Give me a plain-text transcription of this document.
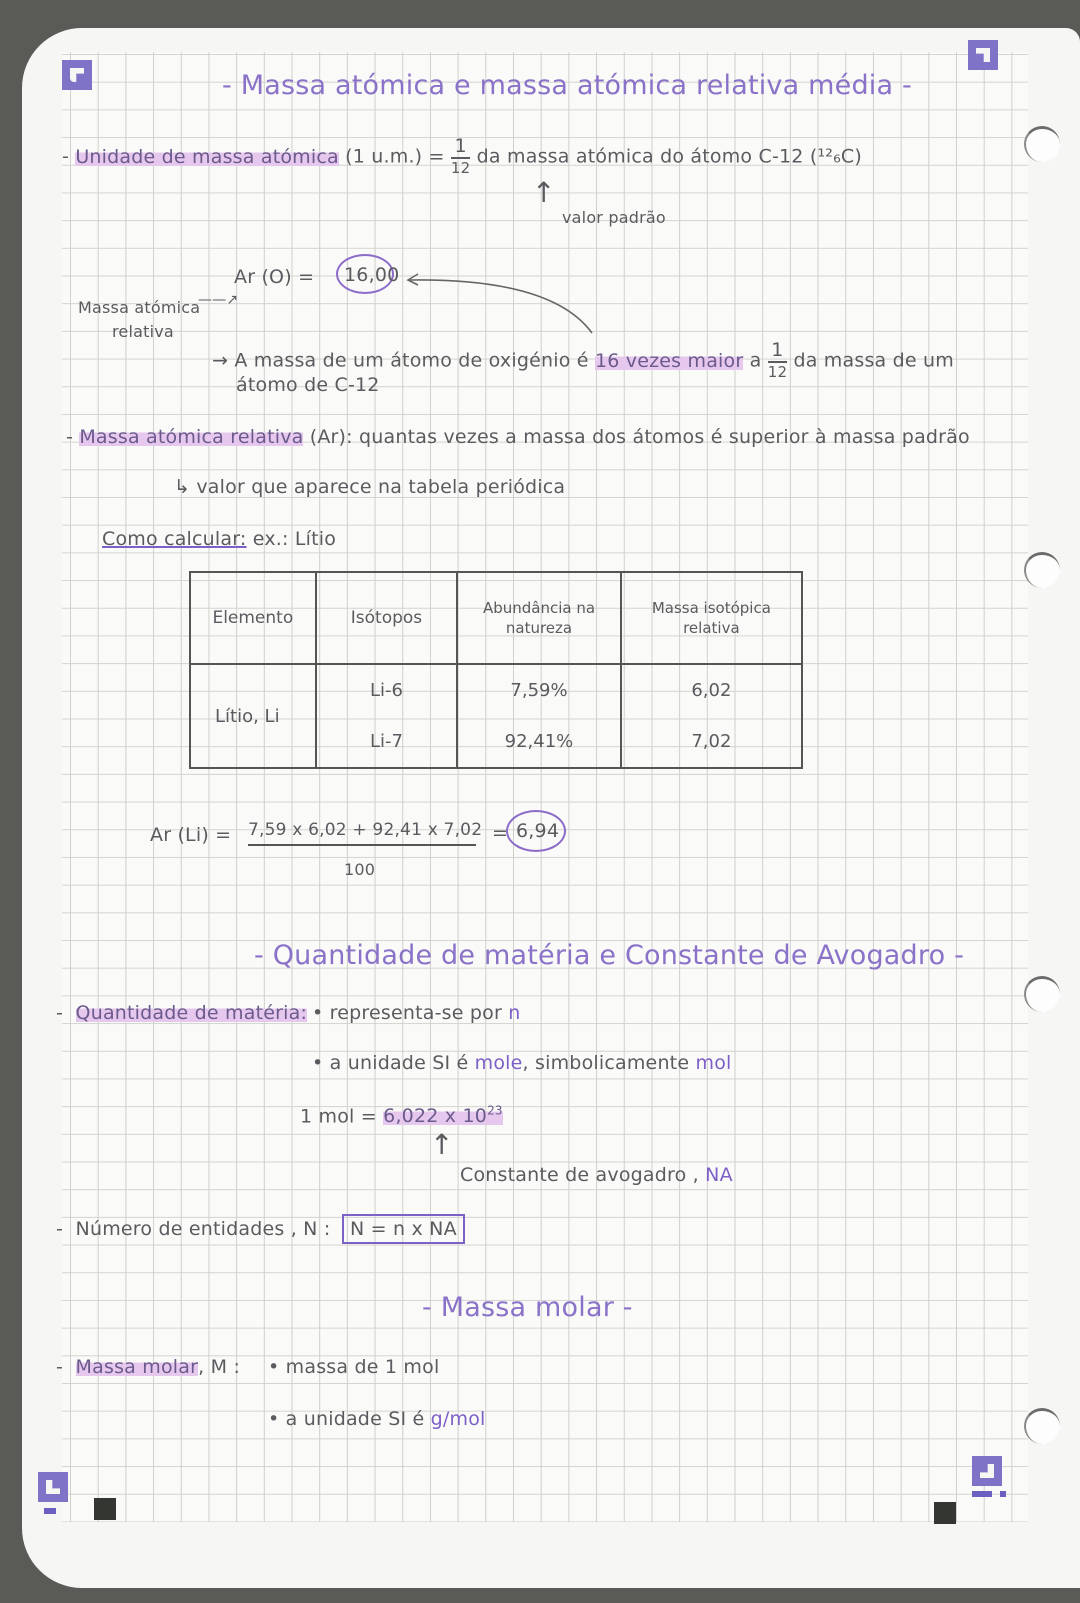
- Massa atómica e massa atómica relativa média -
- Unidade de massa atómica (1 $u.m.) = \frac{1}{12}$ da massa atómica do átomo C-12 (¹²₆C)
↑
valor padrão
Ar (O) = 16,00
Massa atómica
relativa
——↗
→ A massa de um átomo de oxigénio é 16 vezes maior a $\frac{1}{12}$ da massa de um
átomo de C-12
- Massa atómica relativa (Ar): quantas vezes a massa dos átomos é superior à massa padrão
↳ valor que aparece na tabela periódica
Como calcular: ex.: Lítio
Elemento	Isótopos	Abundância na natureza	Massa isotópica relativa
Lítio, Li	Li-6	7,59%	6,02
	Li-7	92,41%	7,02
Ar (Li) = 7,59 x 6,02 + 92,41 x 7,02
100
= 6,94
- Quantidade de matéria e Constante de Avogadro -
- Quantidade de matéria: • representa-se por n
• a unidade SI é mole, simbolicamente mol
1 mol = 6,022 x $10^{23}$
↑
Constante de avogadro , NA
- Número de entidades , N :	N = n x NA
- Massa molar -
- Massa molar, M : • massa de 1 mol
• a unidade SI é g/mol
